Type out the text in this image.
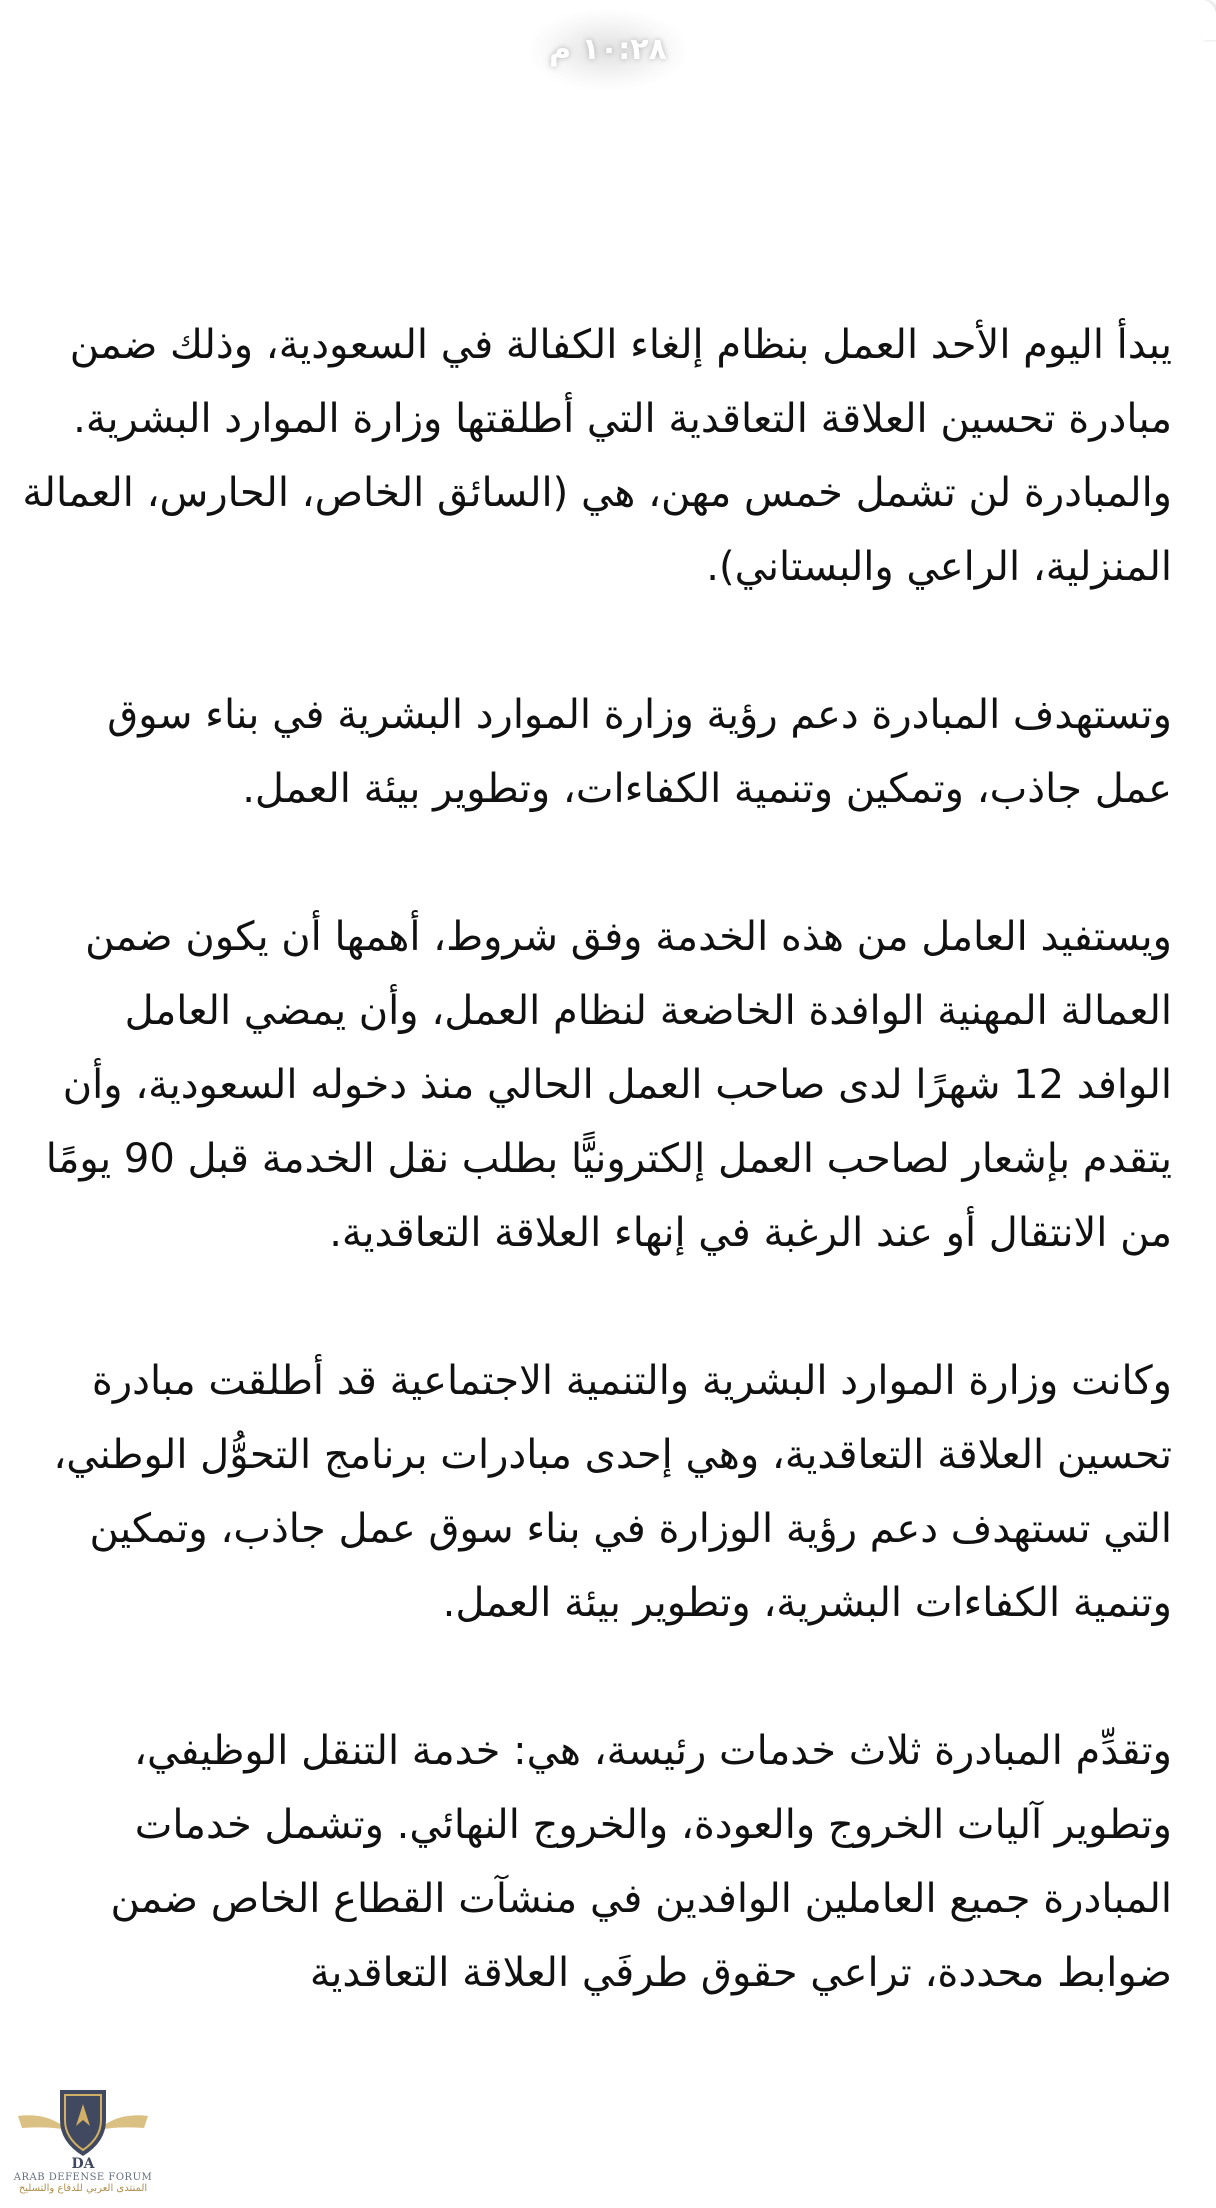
١٠:٢٨ م

يبدأ اليوم الأحد العمل بنظام إلغاء الكفالة في السعودية، وذلك ضمن مبادرة تحسين العلاقة التعاقدية التي أطلقتها وزارة الموارد البشرية. والمبادرة لن تشمل خمس مهن، هي (السائق الخاص، الحارس، العمالة المنزلية، الراعي والبستاني).

وتستهدف المبادرة دعم رؤية وزارة الموارد البشرية في بناء سوق عمل جاذب، وتمكين وتنمية الكفاءات، وتطوير بيئة العمل.

ويستفيد العامل من هذه الخدمة وفق شروط، أهمها أن يكون ضمن العمالة المهنية الوافدة الخاضعة لنظام العمل، وأن يمضي العامل الوافد 12 شهرًا لدى صاحب العمل الحالي منذ دخوله السعودية، وأن يتقدم بإشعار لصاحب العمل إلكترونيًّا بطلب نقل الخدمة قبل 90 يومًا من الانتقال أو عند الرغبة في إنهاء العلاقة التعاقدية.

وكانت وزارة الموارد البشرية والتنمية الاجتماعية قد أطلقت مبادرة تحسين العلاقة التعاقدية، وهي إحدى مبادرات برنامج التحوُّل الوطني، التي تستهدف دعم رؤية الوزارة في بناء سوق عمل جاذب، وتمكين وتنمية الكفاءات البشرية، وتطوير بيئة العمل.

وتقدِّم المبادرة ثلاث خدمات رئيسة، هي: خدمة التنقل الوظيفي، وتطوير آليات الخروج والعودة، والخروج النهائي. وتشمل خدمات المبادرة جميع العاملين الوافدين في منشآت القطاع الخاص ضمن ضوابط محددة، تراعي حقوق طرفَي العلاقة التعاقدية

DA
ARAB DEFENSE FORUM
المنتدى العربي للدفاع والتسليح
